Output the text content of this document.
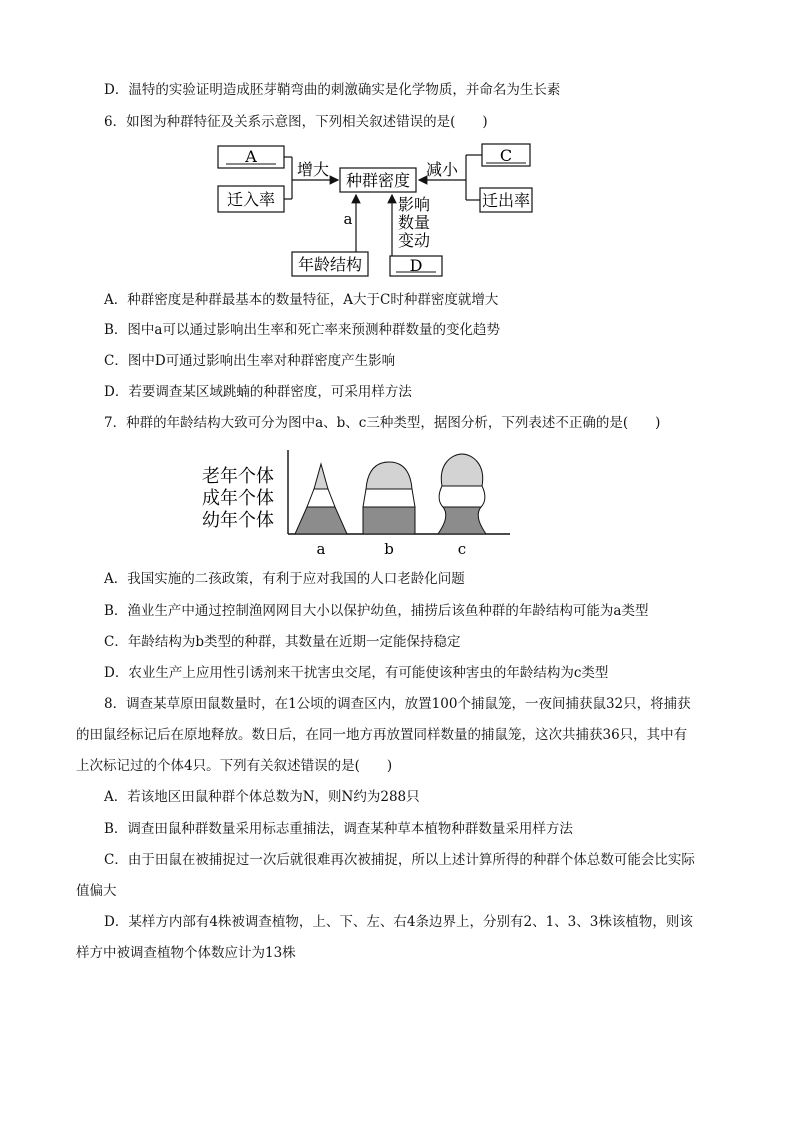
D．温特的实验证明造成胚芽鞘弯曲的刺激确实是化学物质，并命名为生长素
6．如图为种群特征及关系示意图，下列相关叙述错误的是(　　)
A
迁入率
增大
种群密度
C
迁出率
减小
年龄结构
a
D
影响
数量
变动
A．种群密度是种群最基本的数量特征，A大于C时种群密度就增大
B．图中a可以通过影响出生率和死亡率来预测种群数量的变化趋势
C．图中D可通过影响出生率对种群密度产生影响
D．若要调查某区域跳蝻的种群密度，可采用样方法
7．种群的年龄结构大致可分为图中a、b、c三种类型，据图分析，下列表述不正确的是(　　)
老年个体
成年个体
幼年个体
a	b	c
A．我国实施的二孩政策，有利于应对我国的人口老龄化问题
B．渔业生产中通过控制渔网网目大小以保护幼鱼，捕捞后该鱼种群的年龄结构可能为a类型
C．年龄结构为b类型的种群，其数量在近期一定能保持稳定
D．农业生产上应用性引诱剂来干扰害虫交尾，有可能使该种害虫的年龄结构为c类型
8．调查某草原田鼠数量时，在1公顷的调查区内，放置100个捕鼠笼，一夜间捕获鼠32只，将捕获
的田鼠经标记后在原地释放。数日后，在同一地方再放置同样数量的捕鼠笼，这次共捕获36只，其中有
上次标记过的个体4只。下列有关叙述错误的是(　　)
A．若该地区田鼠种群个体总数为N，则N约为288只
B．调查田鼠种群数量采用标志重捕法，调查某种草本植物种群数量采用样方法
C．由于田鼠在被捕捉过一次后就很难再次被捕捉，所以上述计算所得的种群个体总数可能会比实际
值偏大
D．某样方内部有4株被调查植物，上、下、左、右4条边界上，分别有2、1、3、3株该植物，则该
样方中被调查植物个体数应计为13株
